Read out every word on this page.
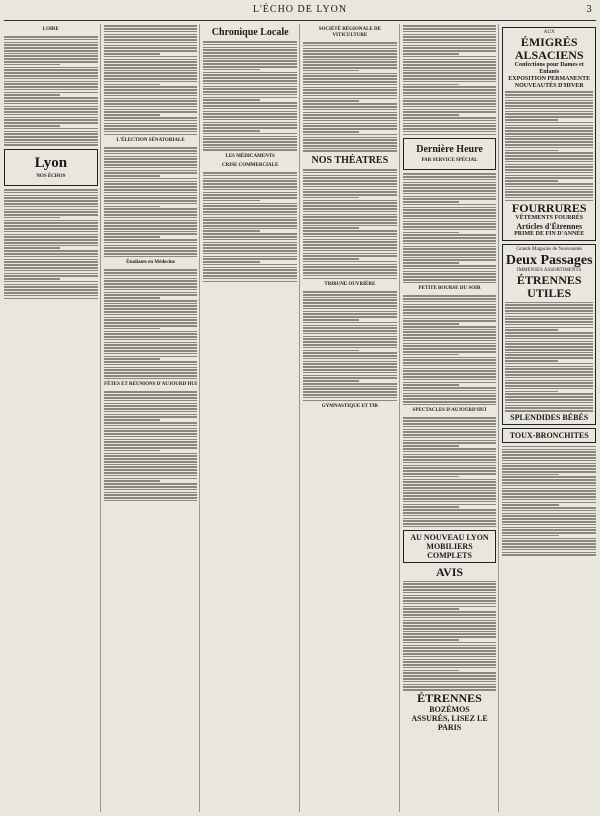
L'ÉCHO DE LYON	3
LOIRE
Lyon
NOS ÉCHOS
L'ÉLECTION SÉNATORIALE
Étudiants en Médecine
FÊTES ET RÉUNIONS D'AUJOURD'HUI
Chronique Locale
LES MÉDICAMENTS
CRISE COMMERCIALE
SOCIÉTÉ RÉGIONALE DE VITICULTURE
NOS THÉATRES
TRIBUNE OUVRIÈRE
GYMNASTIQUE ET TIR
Dernière Heure
PAR SERVICE SPÉCIAL
PETITE BOURSE DU SOIR
SPECTACLES D'AUJOURD'HUI
AU NOUVEAU LYON
MOBILIERS COMPLETS
AVIS
ÉTRENNES
BOZÉMOS
ASSURÉS, LISEZ LE PARIS
AUX
ÉMIGRÉS ALSACIENS
Confections pour Dames et Enfants
EXPOSITION PERMANENTE
NOUVEAUTÉS D'HIVER
FOURRURES
VÊTEMENTS FOURRÉS
Articles d'Étrennes
PRIME DE FIN D'ANNÉE
Grands Magasins de Nouveautés
Deux Passages
IMMENSES ASSORTIMENTS
ÉTRENNES UTILES
SPLENDIDES BÉBÉS
TOUX-BRONCHITES
